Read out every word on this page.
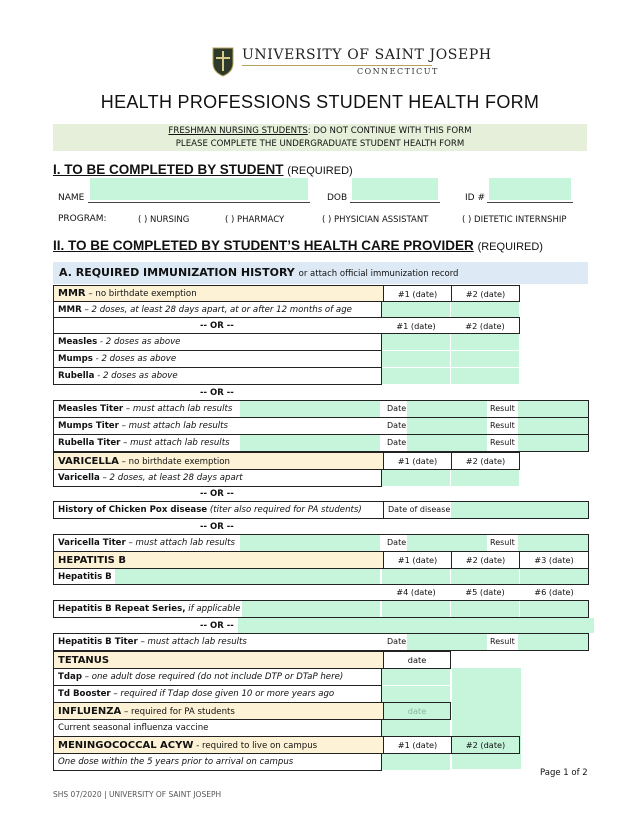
UNIVERSITY OF SAINT JOSEPH
CONNECTICUT
HEALTH PROFESSIONS STUDENT HEALTH FORM
FRESHMAN NURSING STUDENTS: DO NOT CONTINUE WITH THIS FORM
PLEASE COMPLETE THE UNDERGRADUATE STUDENT HEALTH FORM
I. TO BE COMPLETED BY STUDENT (REQUIRED)
NAME	DOB	ID #
PROGRAM:	( ) NURSING	( ) PHARMACY	( ) PHYSICIAN ASSISTANT	( ) DIETETIC INTERNSHIP
II. TO BE COMPLETED BY STUDENT’S HEALTH CARE PROVIDER (REQUIRED)
A. REQUIRED IMMUNIZATION HISTORY or attach official immunization record
MMR – no birthdate exemption	#1 (date)	#2 (date)
MMR – 2 doses, at least 28 days apart, at or after 12 months of age
-- OR --	#1 (date)	#2 (date)
Measles - 2 doses as above
Mumps - 2 doses as above
Rubella - 2 doses as above
-- OR --
Measles Titer – must attach lab results	Date	Result
Mumps Titer – must attach lab results	Date	Result
Rubella Titer – must attach lab results	Date	Result
VARICELLA – no birthdate exemption	#1 (date)	#2 (date)
Varicella – 2 doses, at least 28 days apart
-- OR --
History of Chicken Pox disease (titer also required for PA students)	Date of disease
-- OR --
Varicella Titer – must attach lab results	Date	Result
HEPATITIS B	#1 (date)	#2 (date)	#3 (date)
Hepatitis B
#4 (date)	#5 (date)	#6 (date)
Hepatitis B Repeat Series, if applicable
-- OR --
Hepatitis B Titer – must attach lab results	Date	Result
TETANUS	date
Tdap – one adult dose required (do not include DTP or DTaP here)
Td Booster – required if Tdap dose given 10 or more years ago
INFLUENZA – required for PA students	date
Current seasonal influenza vaccine
MENINGOCOCCAL ACYW - required to live on campus	#1 (date)	#2 (date)
One dose within the 5 years prior to arrival on campus
Page 1 of 2
SHS 07/2020 | UNIVERSITY OF SAINT JOSEPH
